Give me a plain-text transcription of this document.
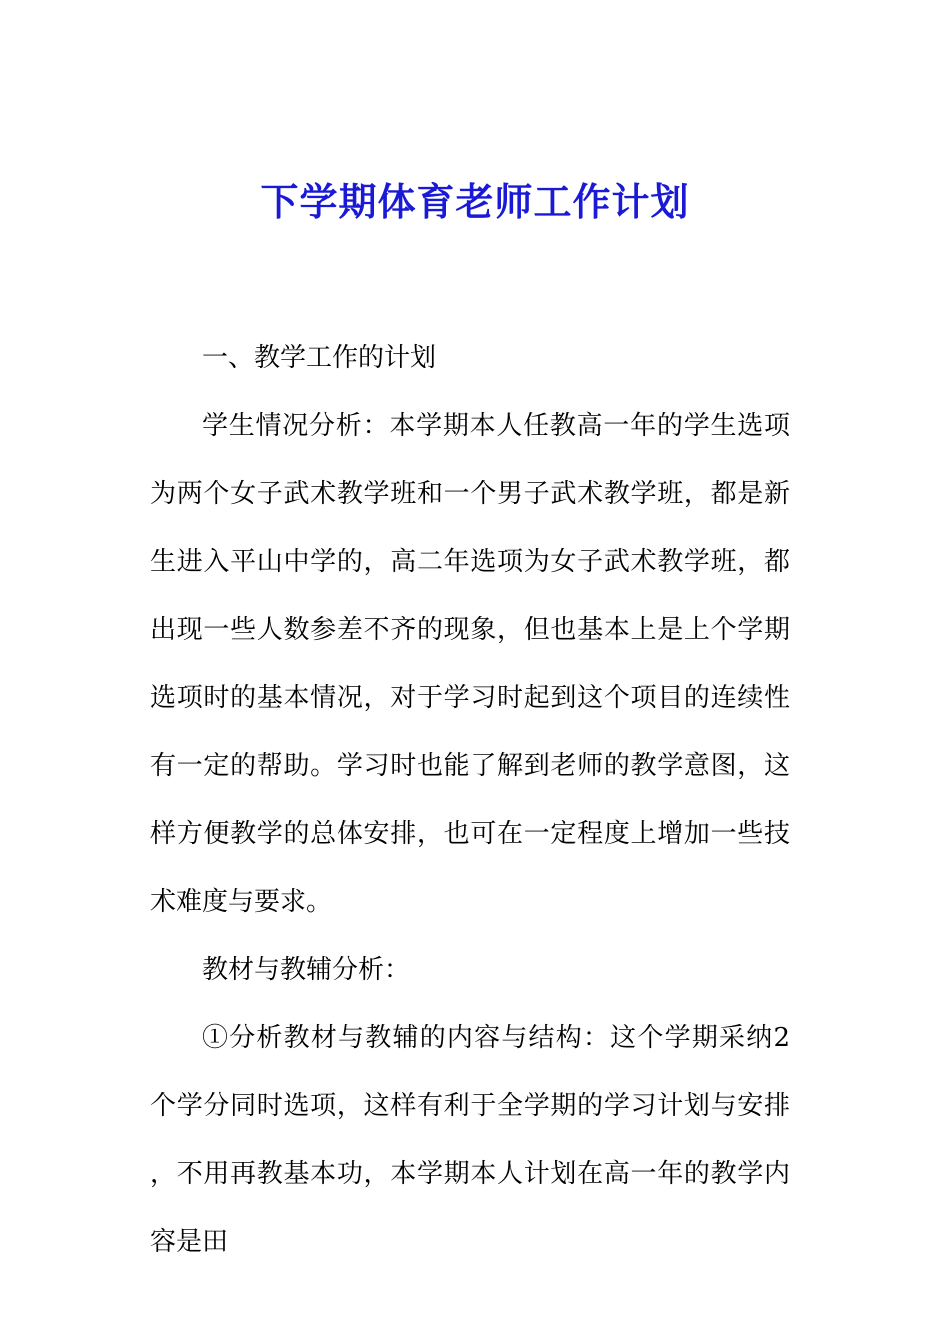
下学期体育老师工作计划

一、教学工作的计划

学生情况分析：本学期本人任教高一年的学生选项为两个女子武术教学班和一个男子武术教学班，都是新生进入平山中学的，高二年选项为女子武术教学班，都出现一些人数参差不齐的现象，但也基本上是上个学期选项时的基本情况，对于学习时起到这个项目的连续性有一定的帮助。学习时也能了解到老师的教学意图，这样方便教学的总体安排，也可在一定程度上增加一些技术难度与要求。

教材与教辅分析：

①分析教材与教辅的内容与结构：这个学期采纳2个学分同时选项，这样有利于全学期的学习计划与安排，不用再教基本功，本学期本人计划在高一年的教学内容是田
